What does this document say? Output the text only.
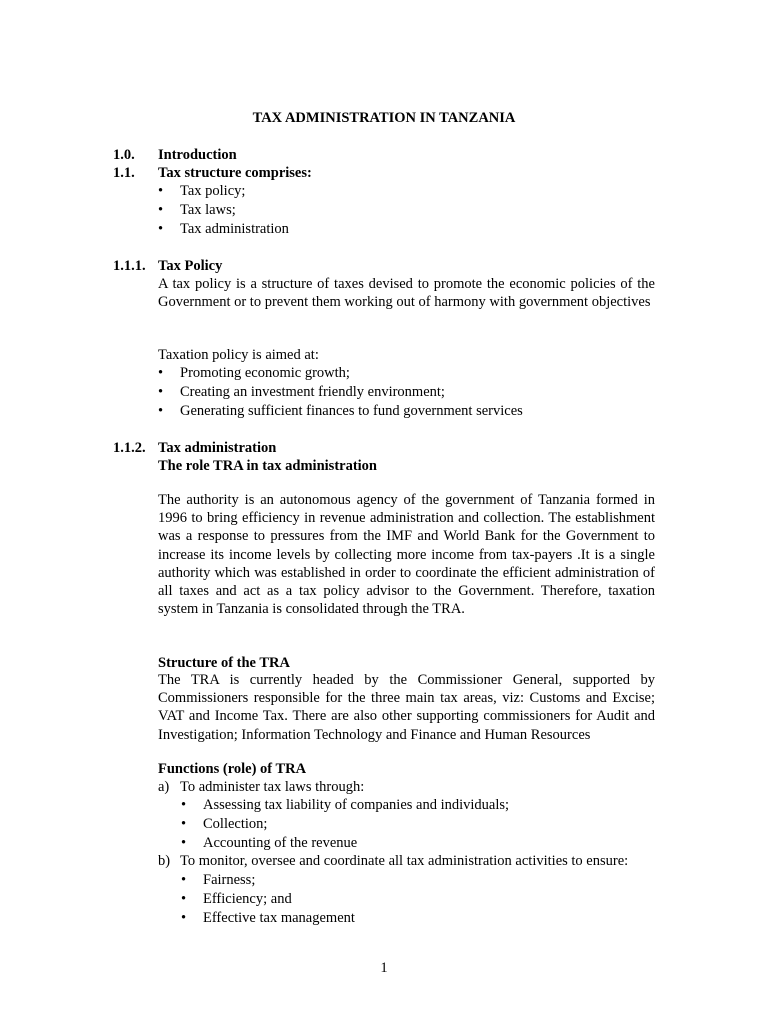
TAX ADMINISTRATION IN TANZANIA
1.0. Introduction
1.1. Tax structure comprises:
• Tax policy;
• Tax laws;
• Tax administration
1.1.1. Tax Policy
A tax policy is a structure of taxes devised to promote the economic policies of the Government or to prevent them working out of harmony with government objectives
Taxation policy is aimed at:
• Promoting economic growth;
• Creating an investment friendly environment;
• Generating sufficient finances to fund government services
1.1.2. Tax administration
The role TRA in tax administration
The authority is an autonomous agency of the government of Tanzania formed in 1996 to bring efficiency in revenue administration and collection. The establishment was a response to pressures from the IMF and World Bank for the Government to increase its income levels by collecting more income from tax-payers .It is a single authority which was established in order to coordinate the efficient administration of all taxes and act as a tax policy advisor to the Government. Therefore, taxation system in Tanzania is consolidated through the TRA.
Structure of the TRA
The TRA is currently headed by the Commissioner General, supported by Commissioners responsible for the three main tax areas, viz: Customs and Excise; VAT and Income Tax. There are also other supporting commissioners for Audit and Investigation; Information Technology and Finance and Human Resources
Functions (role) of TRA
a) To administer tax laws through:
• Assessing tax liability of companies and individuals;
• Collection;
• Accounting of the revenue
b) To monitor, oversee and coordinate all tax administration activities to ensure:
• Fairness;
• Efficiency; and
• Effective tax management
1
